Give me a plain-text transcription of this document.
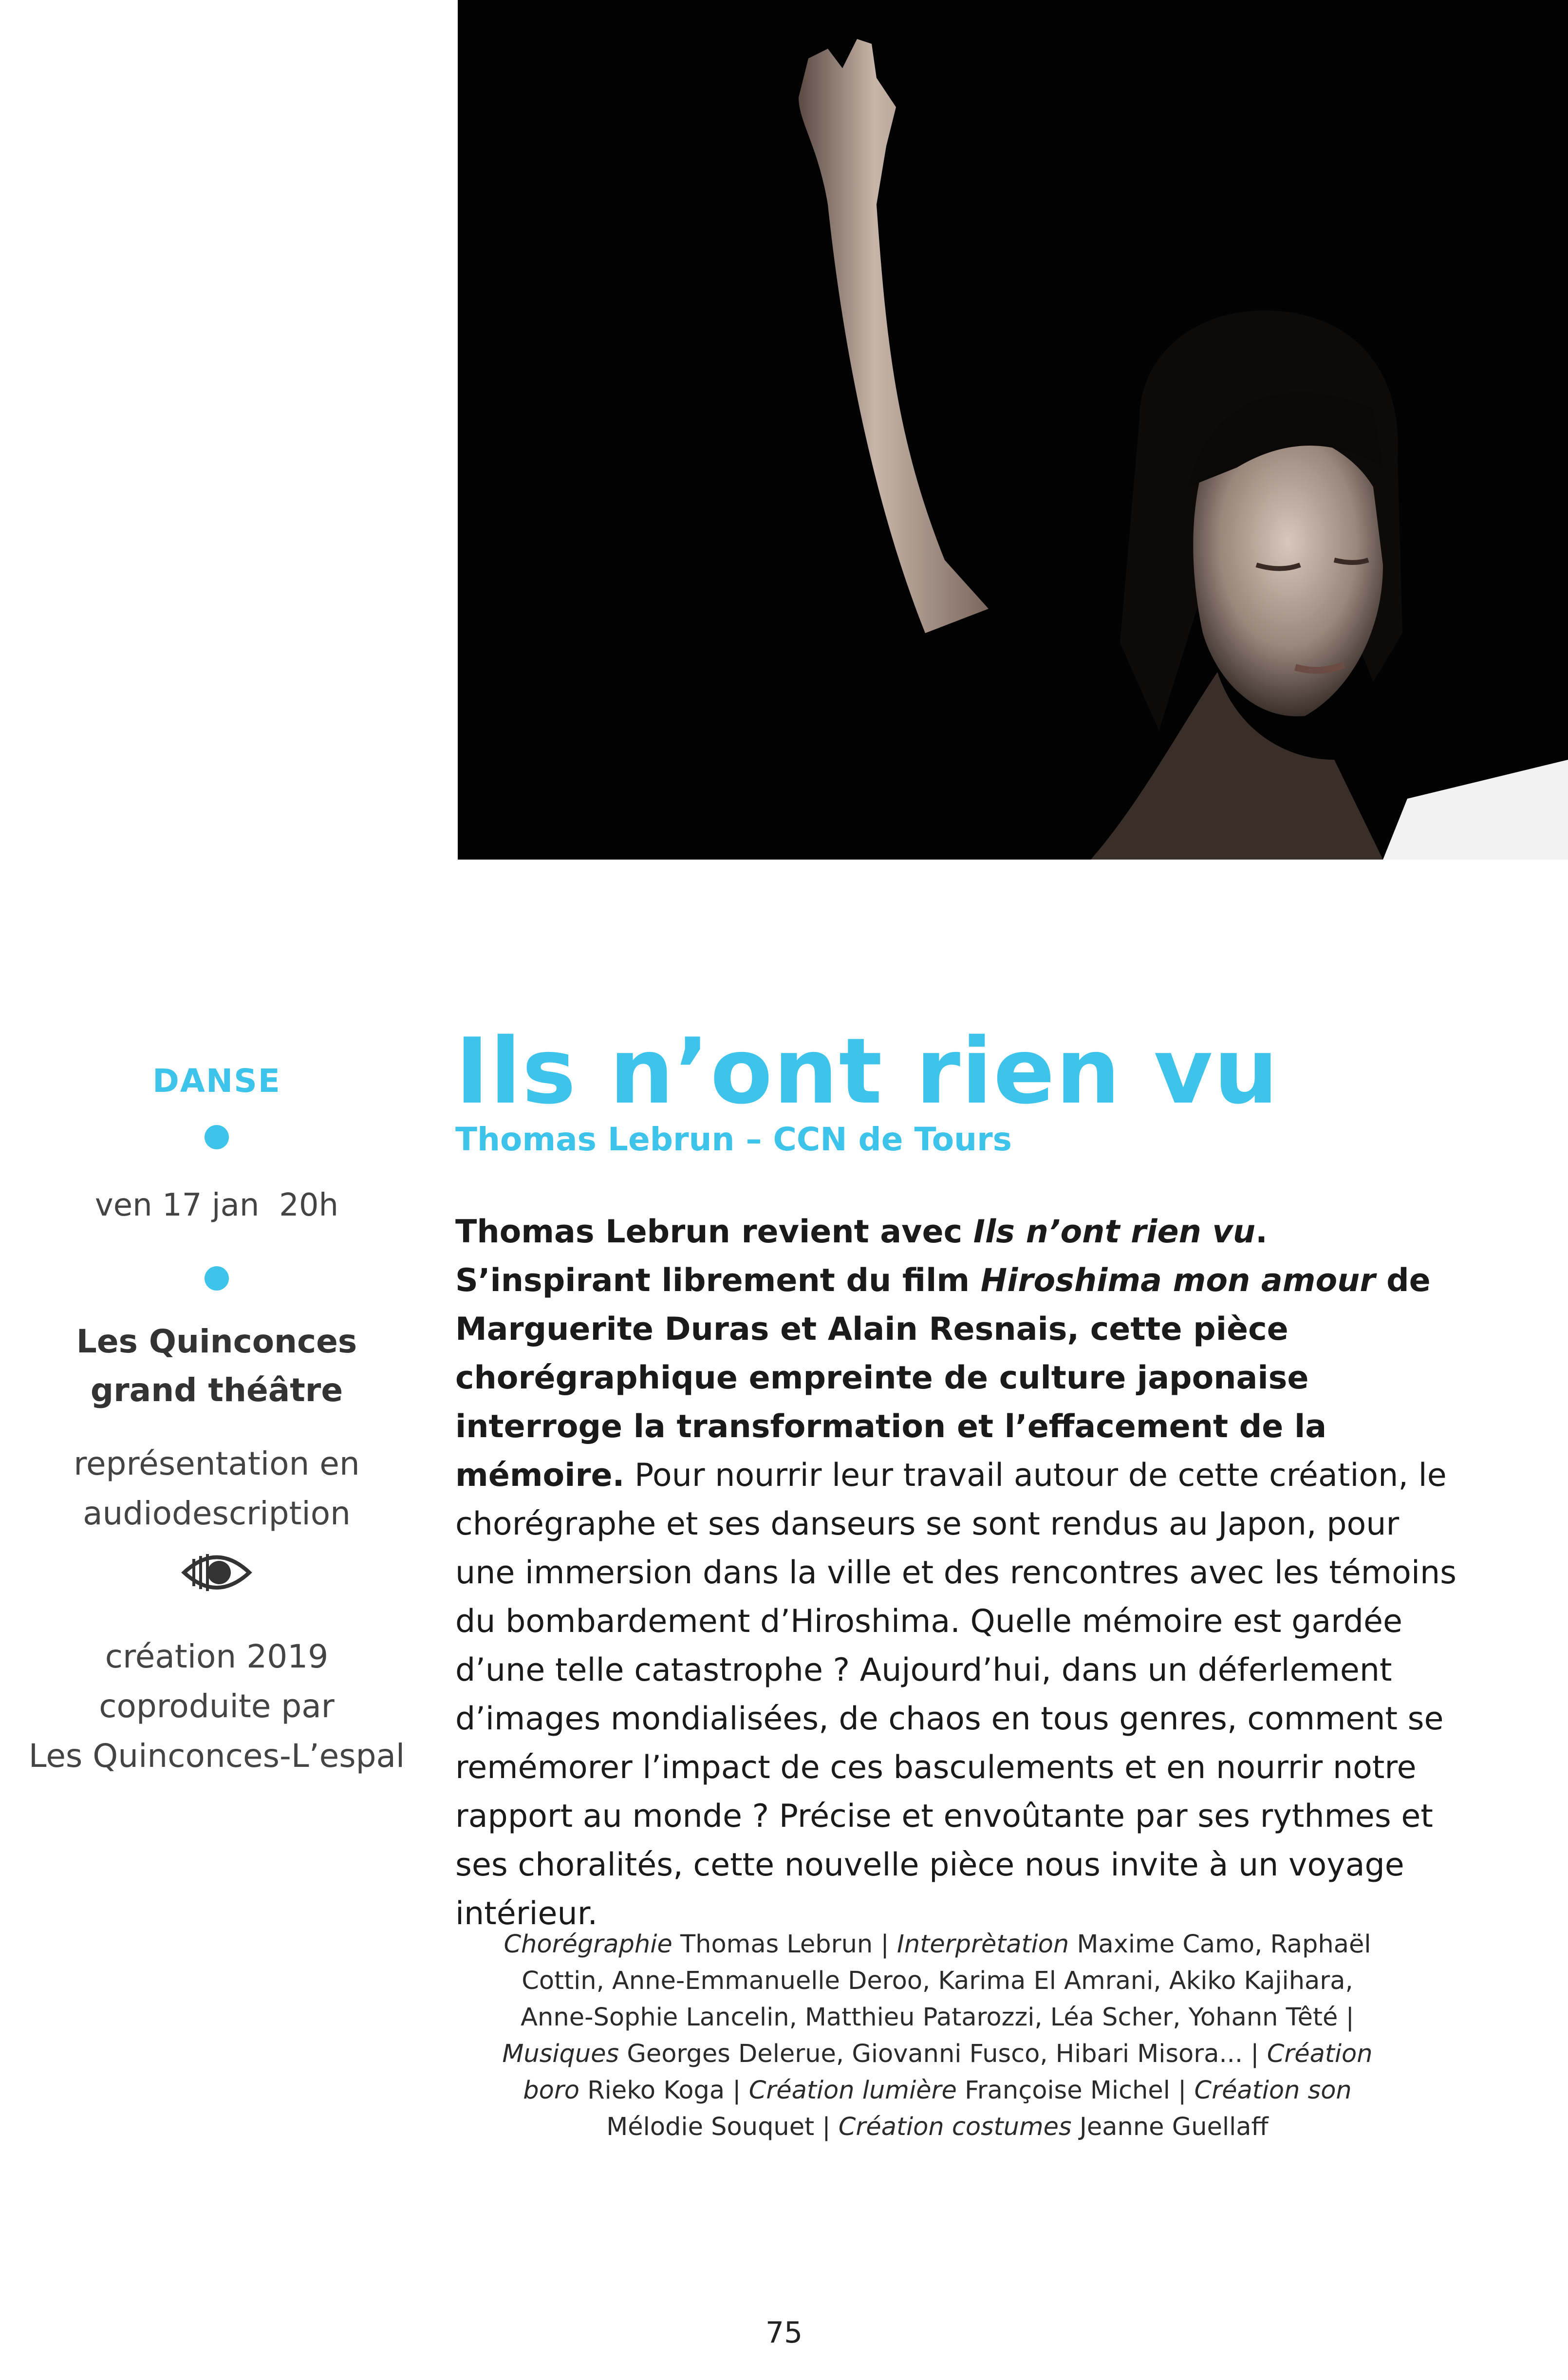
DANSE
ven 17 jan  20h
Les Quinconces
grand théâtre
représentation en
audiodescription
création 2019
coproduite par
Les Quinconces-L’espal
Ils n’ont rien vu
Thomas Lebrun – CCN de Tours
Thomas Lebrun revient avec Ils n’ont rien vu. S’inspirant librement du film Hiroshima mon amour de Marguerite Duras et Alain Resnais, cette pièce chorégraphique empreinte de culture japonaise interroge la transformation et l’effacement de la mémoire. Pour nourrir leur travail autour de cette création, le chorégraphe et ses danseurs se sont rendus au Japon, pour une immersion dans la ville et des rencontres avec les témoins du bombardement d’Hiroshima. Quelle mémoire est gardée d’une telle catastrophe ? Aujourd’hui, dans un déferlement d’images mondialisées, de chaos en tous genres, comment se remémorer l’impact de ces basculements et en nourrir notre rapport au monde ? Précise et envoûtante par ses rythmes et ses choralités, cette nouvelle pièce nous invite à un voyage intérieur.
Chorégraphie Thomas Lebrun | Interprètation Maxime Camo, Raphaël Cottin, Anne-Emmanuelle Deroo, Karima El Amrani, Akiko Kajihara, Anne-Sophie Lancelin, Matthieu Patarozzi, Léa Scher, Yohann Têté | Musiques Georges Delerue, Giovanni Fusco, Hibari Misora... | Création boro Rieko Koga | Création lumière Françoise Michel | Création son Mélodie Souquet | Création costumes Jeanne Guellaff
75
